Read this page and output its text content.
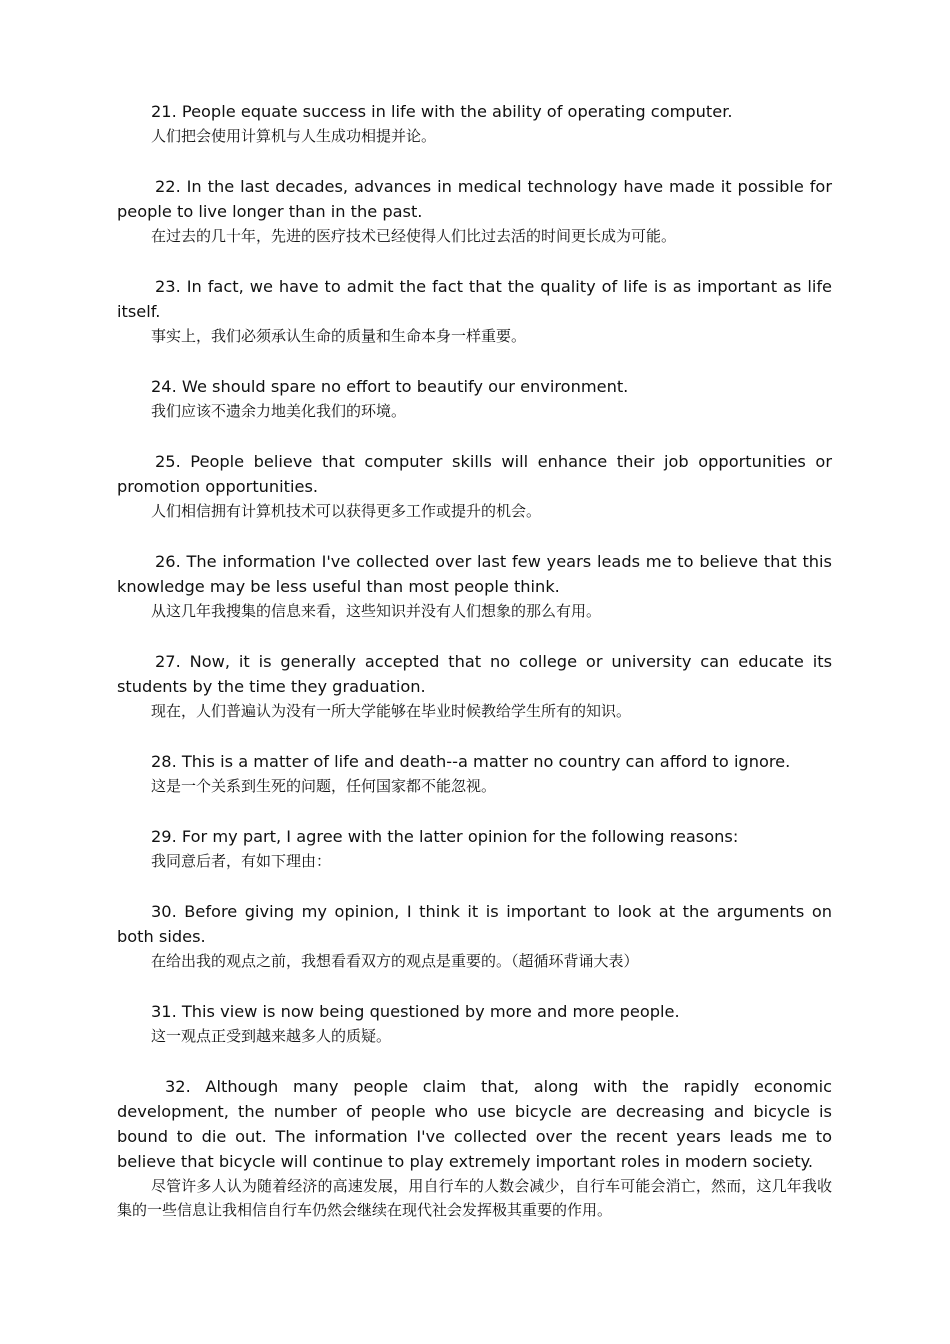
21. People equate success in life with the ability of operating computer.

人们把会使用计算机与人生成功相提并论。

22. In the last decades, advances in medical technology have made it possible for people to live longer than in the past.

在过去的几十年，先进的医疗技术已经使得人们比过去活的时间更长成为可能。

23. In fact, we have to admit the fact that the quality of life is as important as life itself.

事实上，我们必须承认生命的质量和生命本身一样重要。

24. We should spare no effort to beautify our environment.

我们应该不遗余力地美化我们的环境。

25. People believe that computer skills will enhance their job opportunities or promotion opportunities.

人们相信拥有计算机技术可以获得更多工作或提升的机会。

26. The information I've collected over last few years leads me to believe that this knowledge may be less useful than most people think.

从这几年我搜集的信息来看，这些知识并没有人们想象的那么有用。

27. Now, it is generally accepted that no college or university can educate its students by the time they graduation.

现在，人们普遍认为没有一所大学能够在毕业时候教给学生所有的知识。

28. This is a matter of life and death--a matter no country can afford to ignore.

这是一个关系到生死的问题，任何国家都不能忽视。

29. For my part, I agree with the latter opinion for the following reasons:

我同意后者，有如下理由：

30. Before giving my opinion, I think it is important to look at the arguments on both sides.

在给出我的观点之前，我想看看双方的观点是重要的。（超循环背诵大表）

31. This view is now being questioned by more and more people.

这一观点正受到越来越多人的质疑。

32. Although many people claim that, along with the rapidly economic development, the number of people who use bicycle are decreasing and bicycle is bound to die out. The information I've collected over the recent years leads me to believe that bicycle will continue to play extremely important roles in modern society.

尽管许多人认为随着经济的高速发展，用自行车的人数会减少，自行车可能会消亡，然而，这几年我收集的一些信息让我相信自行车仍然会继续在现代社会发挥极其重要的作用。
